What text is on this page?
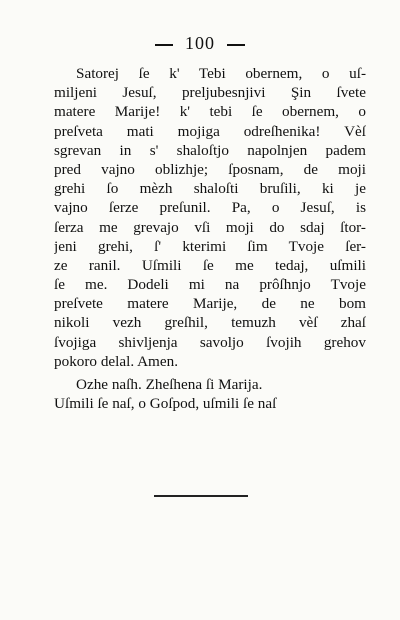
100
Satorej ſe k' Tebi obernem, o uſ-
miljeni Jesuſ, preljubesnjivi Şin ſvete
matere Marije! k' tebi ſe obernem, o
preſveta mati mojiga odreſhenika! Vèſ
sgrevan in s' shaloſtjo napolnjen padem
pred vajno oblizhje; ſposnam, de moji
grehi ſo mèzh shaloſti bruſili, ki je
vajno ſerze preſunil. Pa, o Jesuſ, is
ſerza me grevajo vſi moji do sdaj ſtor-
jeni grehi, ſ' kterimi ſim Tvoje ſer-
ze ranil. Uſmili ſe me tedaj, uſmili
ſe me. Dodeli mi na prôſhnjo Tvoje
preſvete matere Marije, de ne bom
nikoli vezh greſhil, temuzh vèſ zhaſ
ſvojiga shivljenja savoljo ſvojih grehov
pokoro delal. Amen.
Ozhe naſh. Zheſhena ſi Marija.
Uſmili ſe naſ, o Goſpod, uſmili ſe naſ
